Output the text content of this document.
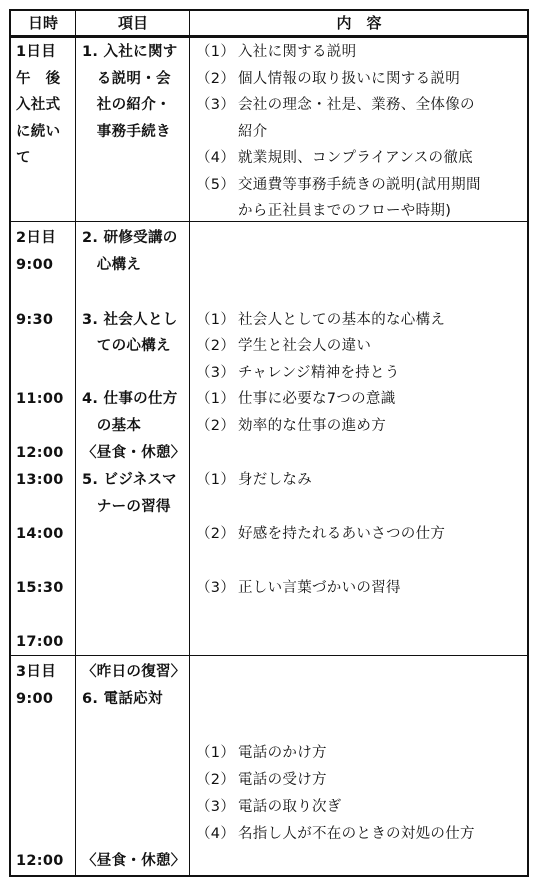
日時	項目	内　容
1日目
午　後
入社式
に続い
て
1. 入社に関す
　る説明・会
　社の紹介・
　事務手続き
（1） 入社に関する説明
（2） 個人情報の取り扱いに関する説明
（3） 会社の理念・社是、業務、全体像の
紹介
（4） 就業規則、コンプライアンスの徹底
（5） 交通費等事務手続きの説明(試用期間
から正社員までのフローや時期)
2日目
9:00
9:30
11:00
12:00
13:00
14:00
15:30
17:00
2. 研修受講の
　心構え
3. 社会人とし
　ての心構え
4. 仕事の仕方
　の基本
〈昼食・休憩〉
5. ビジネスマ
　ナーの習得
（1） 社会人としての基本的な心構え
（2） 学生と社会人の違い
（3） チャレンジ精神を持とう
（1） 仕事に必要な7つの意識
（2） 効率的な仕事の進め方
（1） 身だしなみ
（2） 好感を持たれるあいさつの仕方
（3） 正しい言葉づかいの習得
3日目
9:00
12:00
〈昨日の復習〉
6. 電話応対
〈昼食・休憩〉
（1） 電話のかけ方
（2） 電話の受け方
（3） 電話の取り次ぎ
（4） 名指し人が不在のときの対処の仕方
